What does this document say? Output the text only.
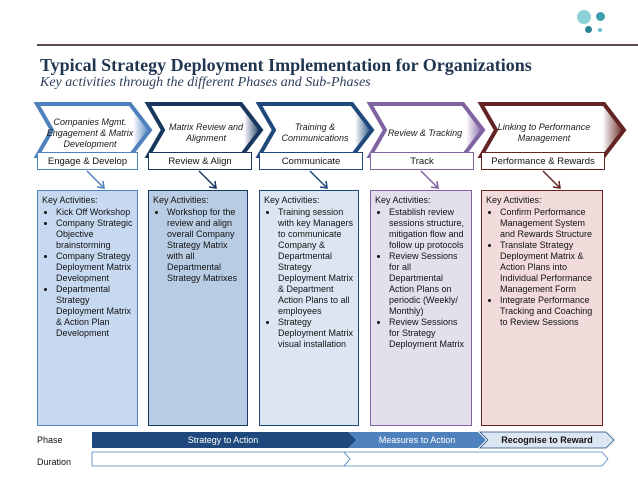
Typical Strategy Deployment Implementation for Organizations
Key activities through the different Phases and Sub-Phases
Companies Mgmt. Engagement & Matrix Development
Matrix Review and Alignment
Training & Communications
Review & Tracking
Linking to Performance Management
Engage & Develop	Review & Align	Communicate	Track	Performance & Rewards
Key Activities:
• Kick Off Workshop
• Company Strategic Objective brainstorming
• Company Strategy Deployment Matrix Development
• Departmental Strategy Deployment Matrix & Action Plan Development
Key Activities:
• Workshop for the review and align overall Company Strategy Matrix with all Departmental Strategy Matrixes
Key Activities:
• Training session with key Managers to communicate Company & Departmental Strategy Deployment Matrix & Department Action Plans to all employees
• Strategy Deployment Matrix visual installation
Key Activities:
• Establish review sessions structure, mitigation flow and follow up protocols
• Review Sessions for all Departmental Action Plans on periodic (Weekly/ Monthly)
• Review Sessions for Strategy Deployment Matrix
Key Activities:
• Confirm Performance Management System and Rewards Structure
• Translate Strategy Deployment Matrix & Action Plans into Individual Performance Management Form
• Integrate Performance Tracking and Coaching to Review Sessions
Phase
Duration
Strategy to Action	Measures to Action	Recognise to Reward
